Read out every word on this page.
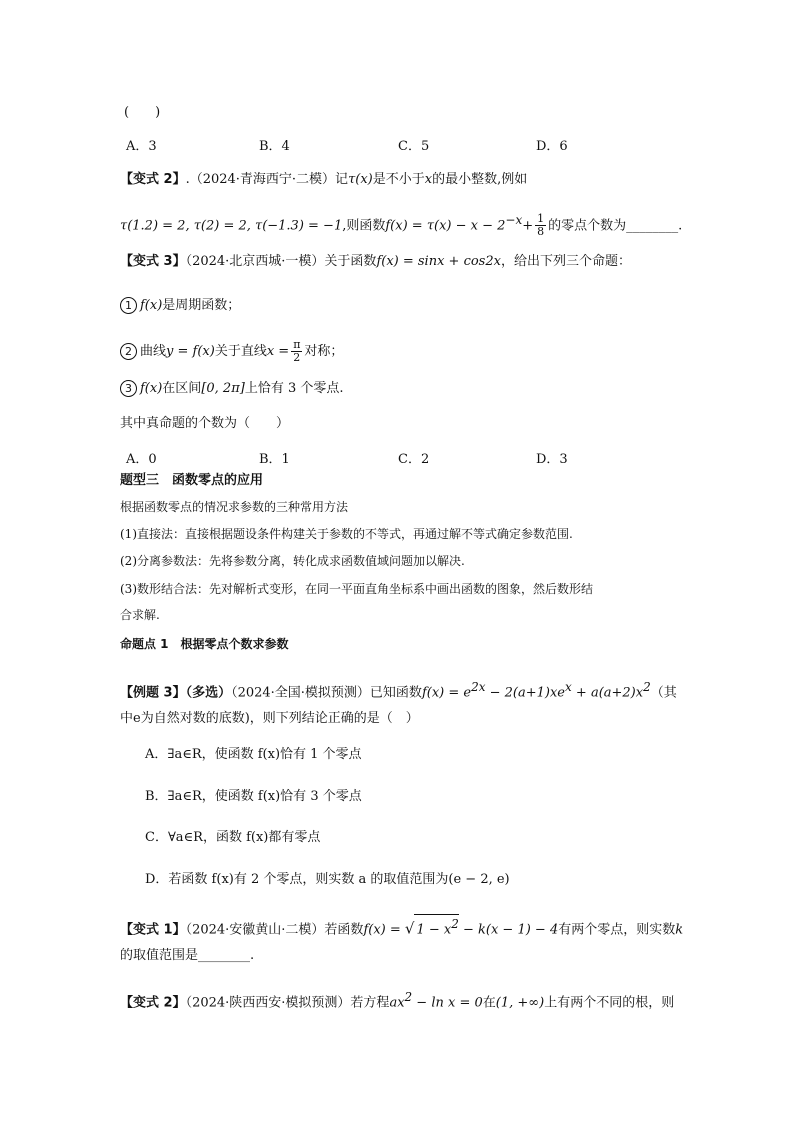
(　　)
A．3	B．4	C．5	D．6
【变式 2】.（2024·青海西宁·二模）记τ(x)是不小于x的最小整数,例如
τ(1.2) = 2, τ(2) = 2, τ(−1.3) = −1,则函数$f(x) = \tau(x) - x - 2^{-x}+ \frac{1}{8}$ 的零点个数为________.
【变式 3】（2024·北京西城·一模）关于函数f(x) = sinx + cos2x，给出下列三个命题：
1 f(x)是周期函数；
2 曲线y = f(x)关于直线$x = \frac{\pi}{2}$ 对称；
3 f(x)在区间[0, 2π]上恰有 3 个零点.
其中真命题的个数为（　　）
A．0	B．1	C．2	D．3
题型三　函数零点的应用
根据函数零点的情况求参数的三种常用方法
(1)直接法：直接根据题设条件构建关于参数的不等式，再通过解不等式确定参数范围.
(2)分离参数法：先将参数分离，转化成求函数值域问题加以解决.
(3)数形结合法：先对解析式变形，在同一平面直角坐标系中画出函数的图象，然后数形结
合求解.
命题点 1　根据零点个数求参数
【例题 3】（多选）（2024·全国·模拟预测）已知函数$f(x) = e^{2x} - 2(a+1)xe^x + a(a+2)x^2$（其
中e为自然对数的底数)，则下列结论正确的是（　）
A．∃a∈R，使函数 f(x)恰有 1 个零点
B．∃a∈R，使函数 f(x)恰有 3 个零点
C．∀a∈R，函数 f(x)都有零点
D．若函数 f(x)有 2 个零点，则实数 a 的取值范围为(e − 2, e)
【变式 1】（2024·安徽黄山·二模）若函数f(x) = √ $1 - x^2 - k(x - 1) - 4$有两个零点，则实数k
的取值范围是________.
【变式 2】（2024·陕西西安·模拟预测）若方程$ax^2 - \ln x = 0$在(1, +∞)上有两个不同的根，则
